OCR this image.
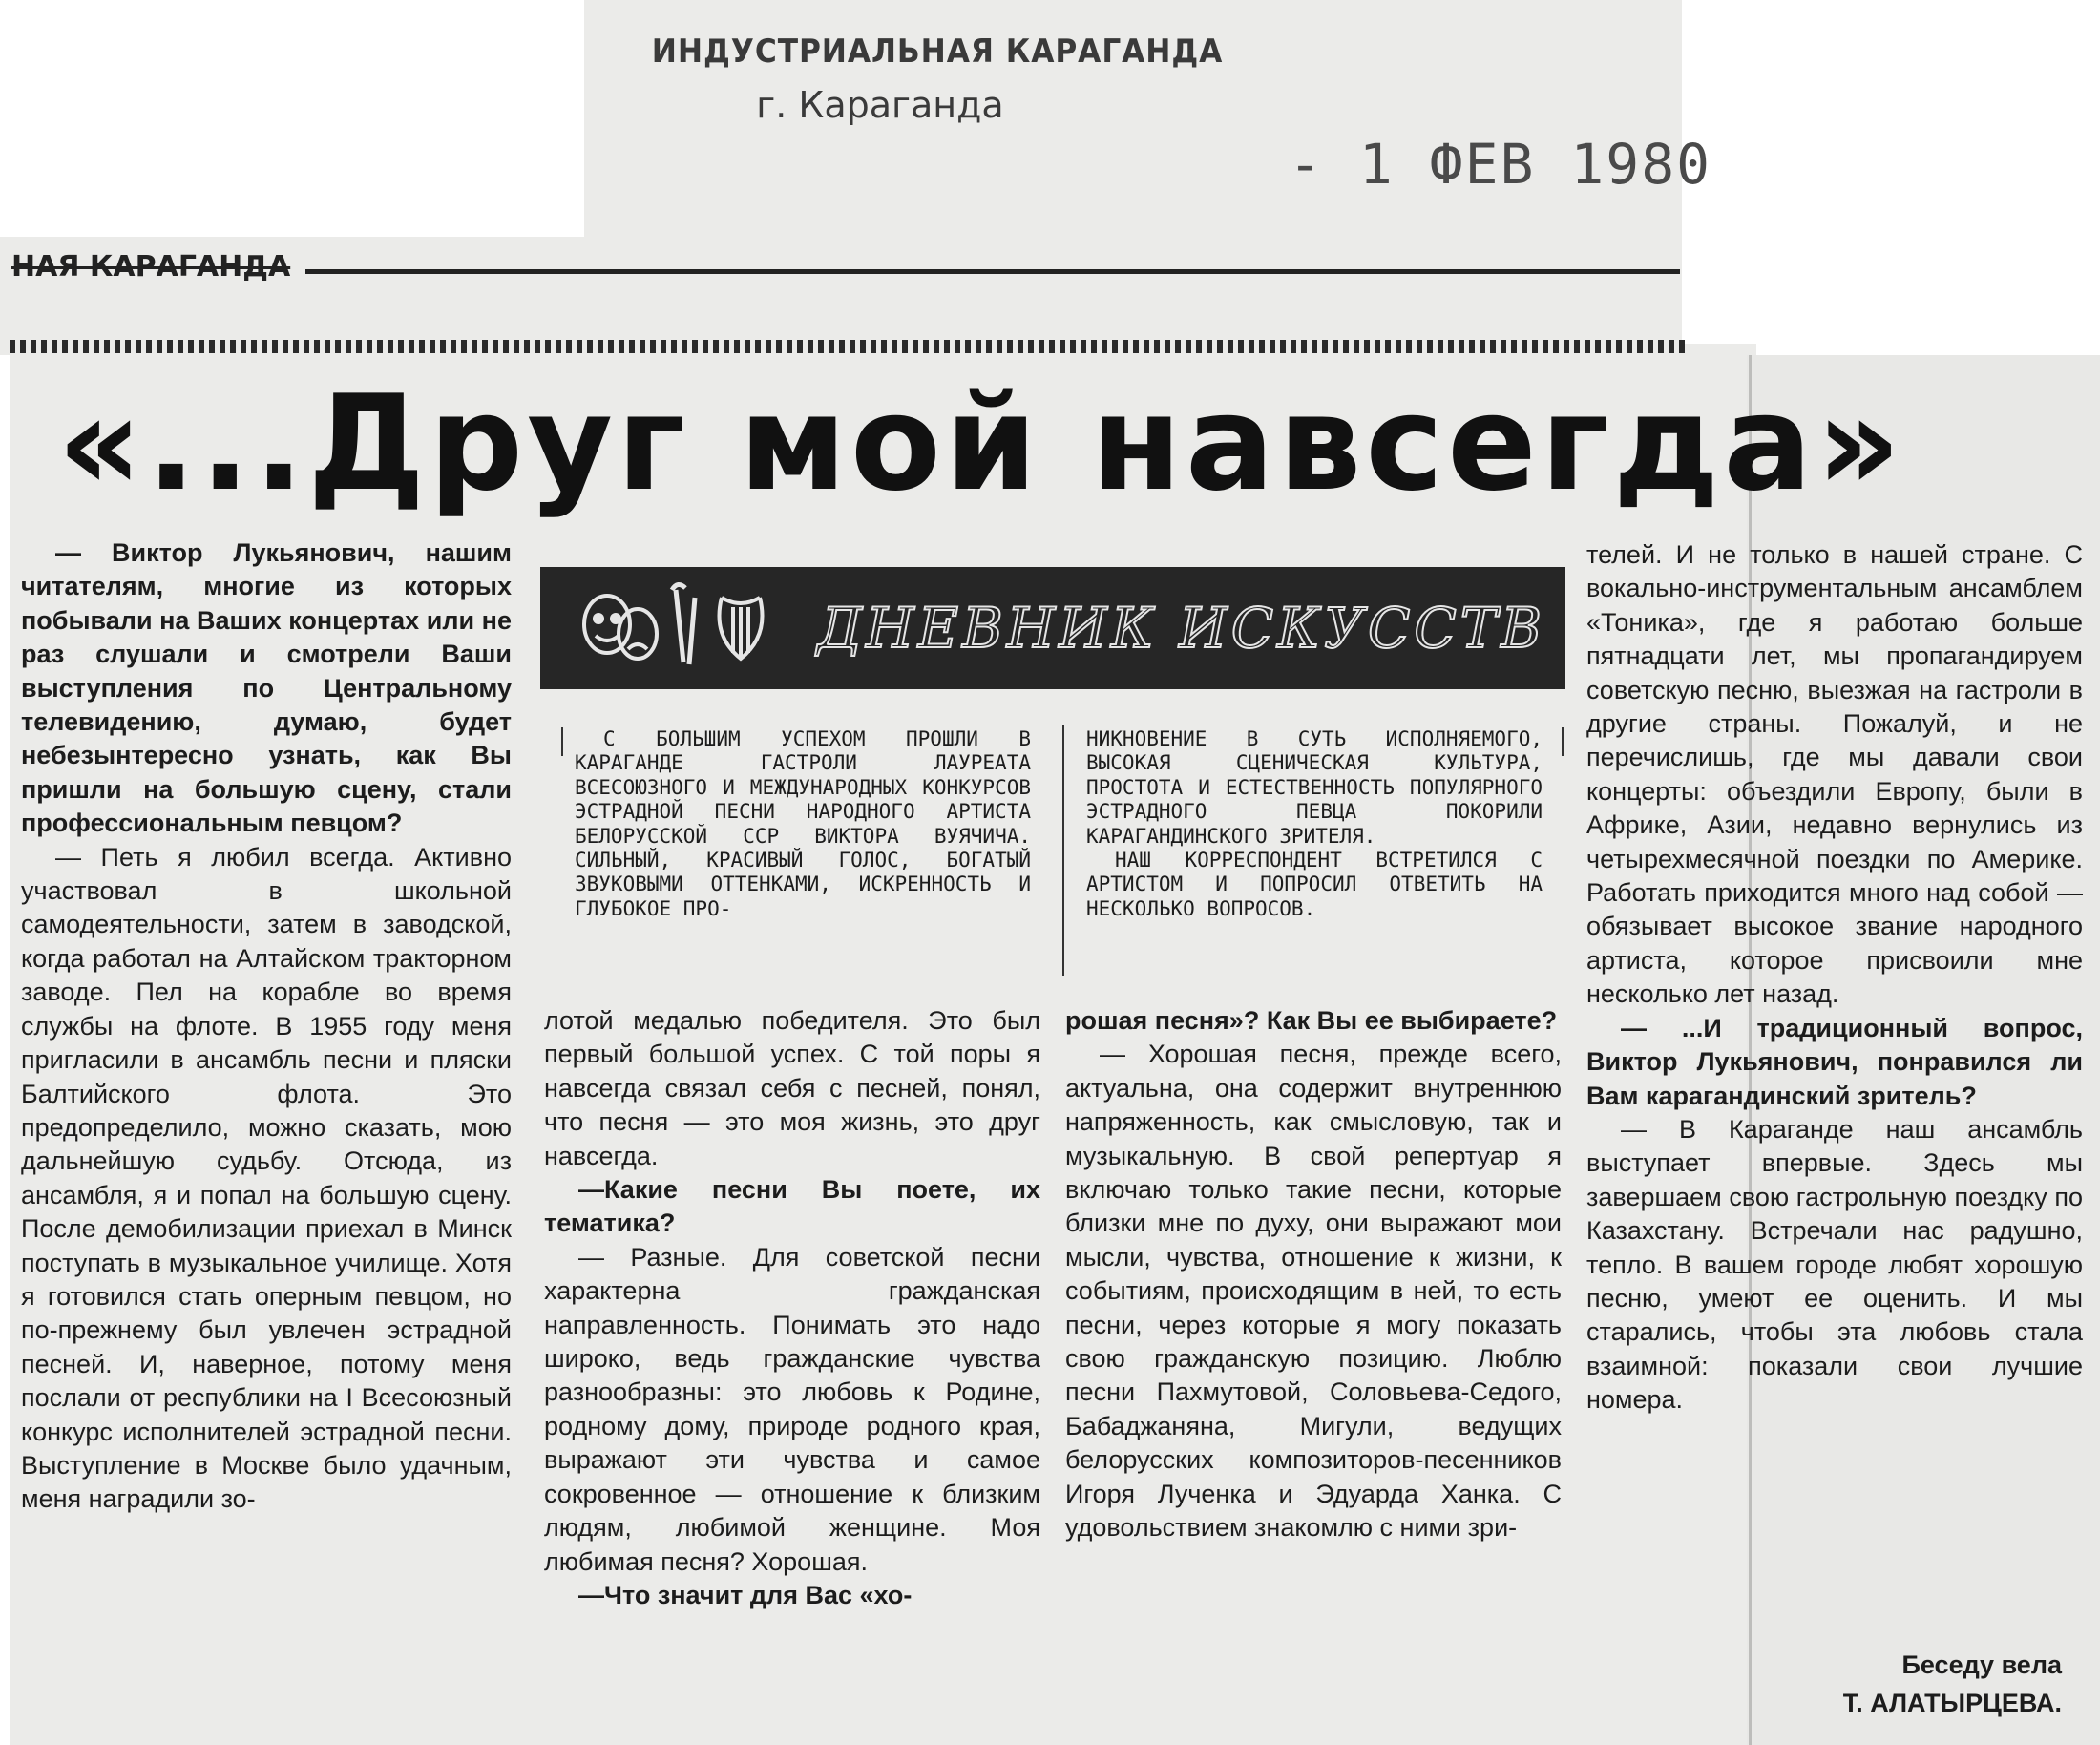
ИНДУСТРИАЛЬНАЯ КАРАГАНДА
г. Караганда
- 1 ФЕВ 1980
НАЯ КАРАГАНДА
«...Друг мой навсегда»
ДНЕВНИК ИСКУССТВ

С БОЛЬШИМ УСПЕХОМ ПРОШЛИ В КАРАГАНДЕ ГАСТРОЛИ ЛАУРЕАТА ВСЕСОЮЗНОГО И МЕЖДУНАРОДНЫХ КОНКУРСОВ ЭСТРАДНОЙ ПЕСНИ НАРОДНОГО АРТИСТА БЕЛОРУССКОЙ ССР ВИКТОРА ВУЯЧИЧА. СИЛЬНЫЙ, КРАСИВЫЙ ГОЛОС, БОГАТЫЙ ЗВУКОВЫМИ ОТТЕНКАМИ, ИСКРЕННОСТЬ И ГЛУБОКОЕ ПРО-

НИКНОВЕНИЕ В СУТЬ ИСПОЛНЯЕМОГО, ВЫСОКАЯ СЦЕНИЧЕСКАЯ КУЛЬТУРА, ПРОСТОТА И ЕСТЕСТВЕННОСТЬ ПОПУЛЯРНОГО ЭСТРАДНОГО ПЕВЦА ПОКОРИЛИ КАРАГАНДИНСКОГО ЗРИТЕЛЯ.

НАШ КОРРЕСПОНДЕНТ ВСТРЕТИЛСЯ С АРТИСТОМ И ПОПРОСИЛ ОТВЕТИТЬ НА НЕСКОЛЬКО ВОПРОСОВ.

— Виктор Лукьянович, нашим читателям, многие из которых побывали на Ваших концертах или не раз слушали и смотрели Ваши выступления по Центральному телевидению, думаю, будет небезынтересно узнать, как Вы пришли на большую сцену, стали профессиональным певцом?

— Петь я любил всегда. Активно участвовал в школьной самодеятельности, затем в заводской, когда работал на Алтайском тракторном заводе. Пел на корабле во время службы на флоте. В 1955 году меня пригласили в ансамбль песни и пляски Балтийского флота. Это предопределило, можно сказать, мою дальнейшую судьбу. Отсюда, из ансамбля, я и попал на большую сцену. После демобилизации приехал в Минск поступать в музыкальное училище. Хотя я готовился стать оперным певцом, но по-прежнему был увлечен эстрадной песней. И, наверное, потому меня послали от республики на I Всесоюзный конкурс исполнителей эстрадной песни. Выступление в Москве было удачным, меня наградили зо-

лотой медалью победителя. Это был первый большой успех. С той поры я навсегда связал себя с песней, понял, что песня — это моя жизнь, это друг навсегда.

—Какие песни Вы поете, их тематика?

— Разные. Для советской песни характерна гражданская направленность. Понимать это надо широко, ведь гражданские чувства разнообразны: это любовь к Родине, родному дому, природе родного края, выражают эти чувства и самое сокровенное — отношение к близким людям, любимой женщине. Моя любимая песня? Хорошая.

—Что значит для Вас «хо-

рошая песня»? Как Вы ее выбираете?

— Хорошая песня, прежде всего, актуальна, она содержит внутреннюю напряженность, как смысловую, так и музыкальную. В свой репертуар я включаю только такие песни, которые близки мне по духу, они выражают мои мысли, чувства, отношение к жизни, к событиям, происходящим в ней, то есть песни, через которые я могу показать свою гражданскую позицию. Люблю песни Пахмутовой, Соловьева-Седого, Бабаджаняна, Мигули, ведущих белорусских композиторов-песенников Игоря Лученка и Эдуарда Ханка. С удовольствием знакомлю с ними зри-

телей. И не только в нашей стране. С вокально-инструментальным ансамблем «Тоника», где я работаю больше пятнадцати лет, мы пропагандируем советскую песню, выезжая на гастроли в другие страны. Пожалуй, и не перечислишь, где мы давали свои концерты: объездили Европу, были в Африке, Азии, недавно вернулись из четырехмесячной поездки по Америке. Работать приходится много над собой — обязывает высокое звание народного артиста, которое присвоили мне несколько лет назад.

— ...И традиционный вопрос, Виктор Лукьянович, понравился ли Вам карагандинский зритель?

— В Караганде наш ансамбль выступает впервые. Здесь мы завершаем свою гастрольную поездку по Казахстану. Встречали нас радушно, тепло. В вашем городе любят хорошую песню, умеют ее оценить. И мы старались, чтобы эта любовь стала взаимной: показали свои лучшие номера.

Беседу вела
Т. АЛАТЫРЦЕВА.
